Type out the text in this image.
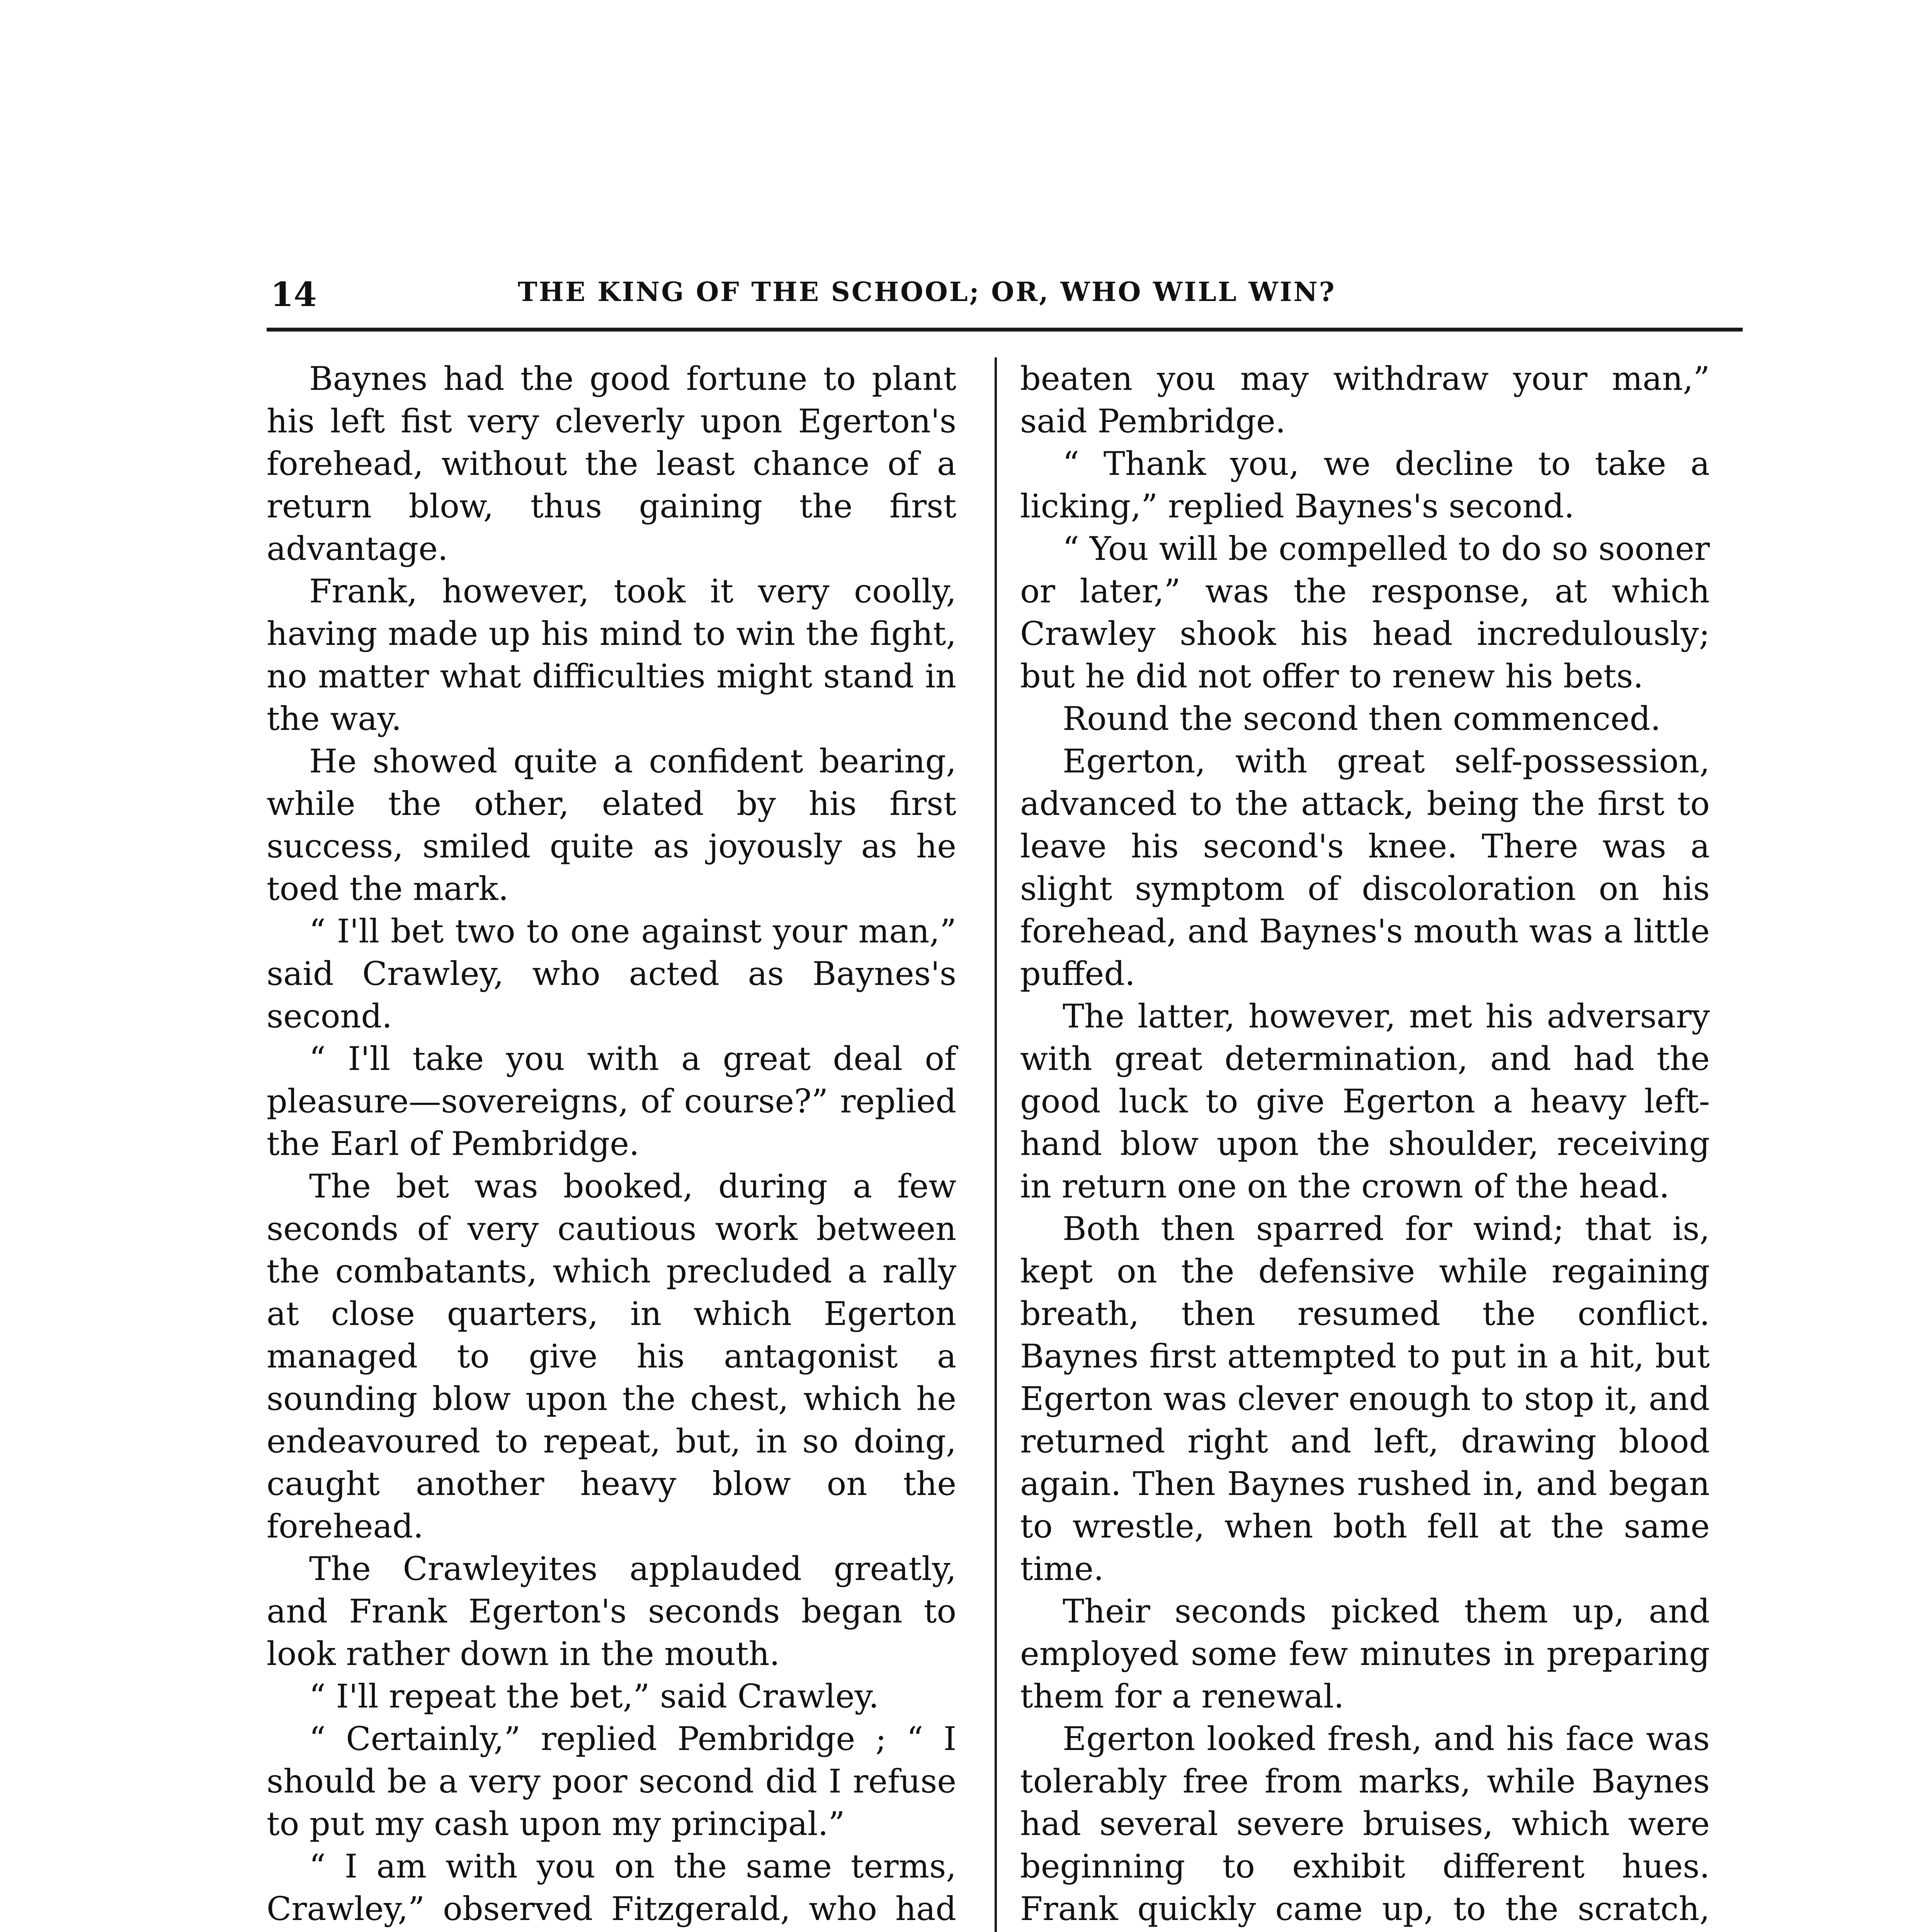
14	THE KING OF THE SCHOOL; OR, WHO WILL WIN?

Baynes had the good fortune to plant his left fist very cleverly upon Egerton's forehead, without the least chance of a return blow, thus gaining the first advantage.

Frank, however, took it very coolly, having made up his mind to win the fight, no matter what difficulties might stand in the way.

He showed quite a confident bearing, while the other, elated by his first success, smiled quite as joyously as he toed the mark.

“ I'll bet two to one against your man,” said Crawley, who acted as Baynes's second.

“ I'll take you with a great deal of pleasure—sovereigns, of course?” replied the Earl of Pembridge.

The bet was booked, during a few seconds of very cautious work between the combatants, which precluded a rally at close quarters, in which Egerton managed to give his antagonist a sounding blow upon the chest, which he endeavoured to repeat, but, in so doing, caught another heavy blow on the forehead.

The Crawleyites applauded greatly, and Frank Egerton's seconds began to look rather down in the mouth.

“ I'll repeat the bet,” said Crawley.

“ Certainly,” replied Pembridge ; “ I should be a very poor second did I refuse to put my cash upon my principal.”

“ I am with you on the same terms, Crawley,” observed Fitzgerald, who had

beaten you may withdraw your man,” said Pembridge.

“ Thank you, we decline to take a licking,” replied Baynes's second.

“ You will be compelled to do so sooner or later,” was the response, at which Crawley shook his head incredulously; but he did not offer to renew his bets.

Round the second then commenced.

Egerton, with great self-possession, advanced to the attack, being the first to leave his second's knee. There was a slight symptom of discoloration on his forehead, and Baynes's mouth was a little puffed.

The latter, however, met his adversary with great determination, and had the good luck to give Egerton a heavy left-hand blow upon the shoulder, receiving in return one on the crown of the head.

Both then sparred for wind; that is, kept on the defensive while regaining breath, then resumed the conflict. Baynes first attempted to put in a hit, but Egerton was clever enough to stop it, and returned right and left, drawing blood again. Then Baynes rushed in, and began to wrestle, when both fell at the same time.

Their seconds picked them up, and employed some few minutes in preparing them for a renewal.

Egerton looked fresh, and his face was tolerably free from marks, while Baynes had several severe bruises, which were beginning to exhibit different hues. Frank quickly came up, to the scratch,
